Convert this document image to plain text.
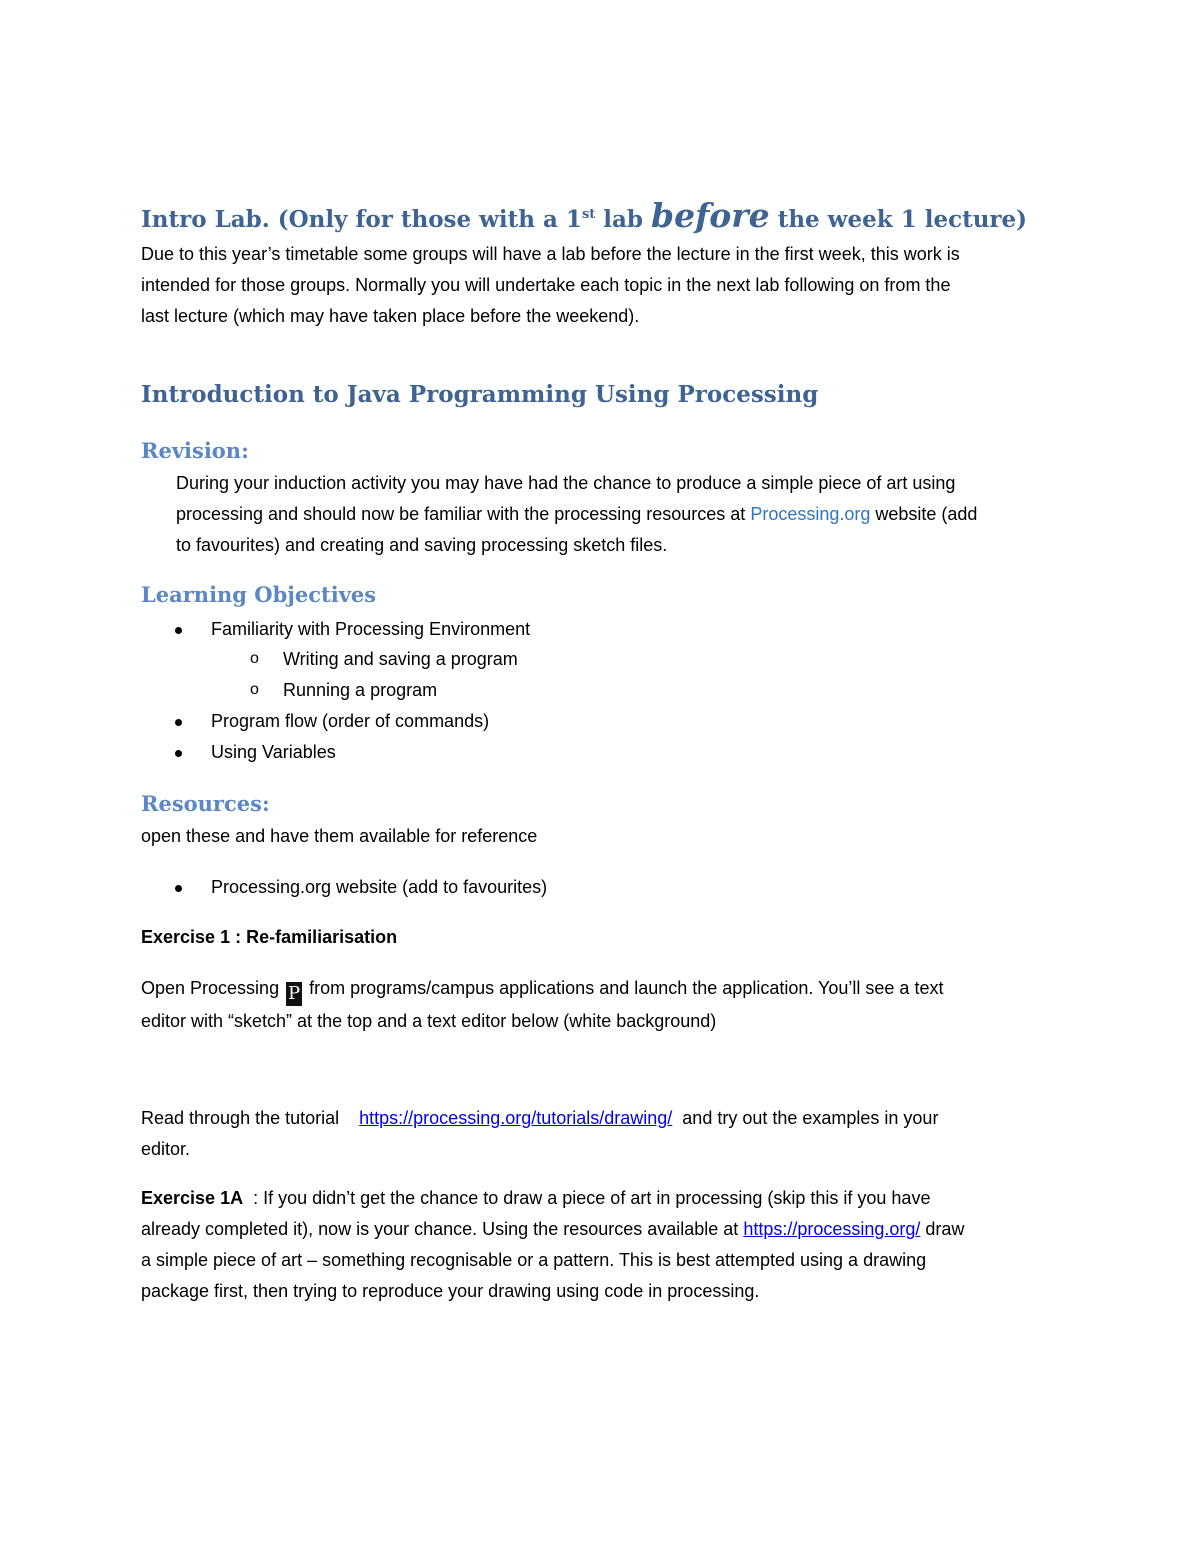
Intro Lab. (Only for those with a 1st lab before the week 1 lecture)
Due to this year’s timetable some groups will have a lab before the lecture in the first week, this work is
intended for those groups. Normally you will undertake each topic in the next lab following on from the
last lecture (which may have taken place before the weekend).
Introduction to Java Programming Using Processing
Revision:
During your induction activity you may have had the chance to produce a simple piece of art using
processing and should now be familiar with the processing resources at Processing.org website (add
to favourites) and creating and saving processing sketch files.
Learning Objectives
Familiarity with Processing Environment
o Writing and saving a program
o Running a program
Program flow (order of commands)
Using Variables
Resources:
open these and have them available for reference
Processing.org website (add to favourites)
Exercise 1 : Re-familiarisation
Open Processing P from programs/campus applications and launch the application. You’ll see a text
editor with “sketch” at the top and a text editor below (white background)
Read through the tutorial    https://processing.org/tutorials/drawing/  and try out the examples in your
editor.
Exercise 1A  : If you didn’t get the chance to draw a piece of art in processing (skip this if you have
already completed it), now is your chance. Using the resources available at https://processing.org/ draw
a simple piece of art – something recognisable or a pattern. This is best attempted using a drawing
package first, then trying to reproduce your drawing using code in processing.
